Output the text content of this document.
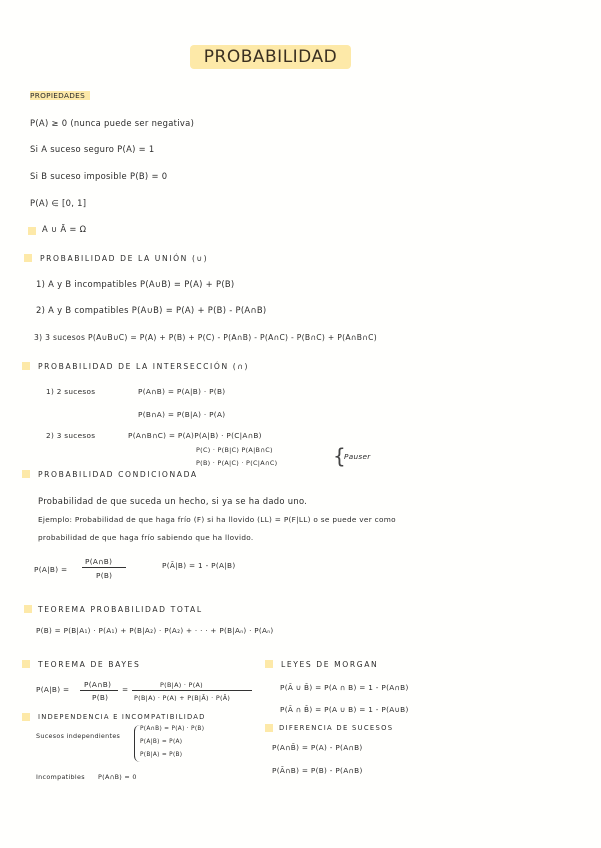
PROBABILIDAD
PROPIEDADES
P(A) ≥ 0 (nunca puede ser negativa)
Si A suceso seguro P(A) = 1
Si B suceso imposible P(B) = 0
P(A) ∈ [0, 1]
A ∪ Ā = Ω
PROBABILIDAD DE LA UNIÓN (∪)
1) A y B incompatibles P(A∪B) = P(A) + P(B)
2) A y B compatibles P(A∪B) = P(A) + P(B) - P(A∩B)
3) 3 sucesos P(A∪B∪C) = P(A) + P(B) + P(C) - P(A∩B) - P(A∩C) - P(B∩C) + P(A∩B∩C)
PROBABILIDAD DE LA INTERSECCIÓN (∩)
1) 2 sucesos	P(A∩B) = P(A|B) · P(B)
P(B∩A) = P(B|A) · P(A)
2) 3 sucesos	P(A∩B∩C) = P(A)P(A|B) · P(C|A∩B)
P(C) · P(B|C) P(A|B∩C)
P(B) · P(A|C) · P(C|A∩C)	{
Pauser
PROBABILIDAD CONDICIONADA
Probabilidad de que suceda un hecho, si ya se ha dado uno.
Ejemplo: Probabilidad de que haga frío (F) si ha llovido (LL) = P(F|LL) o se puede ver como
probabilidad de que haga frío sabiendo que ha llovido.
P(A|B) =
P(A∩B)
P(B)
P(Ā|B) = 1 - P(A|B)
TEOREMA PROBABILIDAD TOTAL
P(B) = P(B|A₁) · P(A₁) + P(B|A₂) · P(A₂) + · · · + P(B|Aₙ) · P(Aₙ)
TEOREMA DE BAYES
P(A|B) =
P(A∩B)
P(B)
=	P(B|A) · P(A)
P(B|A) · P(A) + P(B|Ā) · P(Ā)
INDEPENDENCIA E INCOMPATIBILIDAD
Sucesos independientes
P(A∩B) = P(A) · P(B)
P(A|B) = P(A)
P(B|A) = P(B)
Incompatibles P(A∩B) = 0
LEYES DE MORGAN
P(Ā ∪ B̄) = P(A ∩ B) = 1 - P(A∩B)
P(Ā ∩ B̄) = P(A ∪ B) = 1 - P(A∪B)
DIFERENCIA DE SUCESOS
P(A∩B̄) = P(A) - P(A∩B)
P(Ā∩B) = P(B) - P(A∩B)
